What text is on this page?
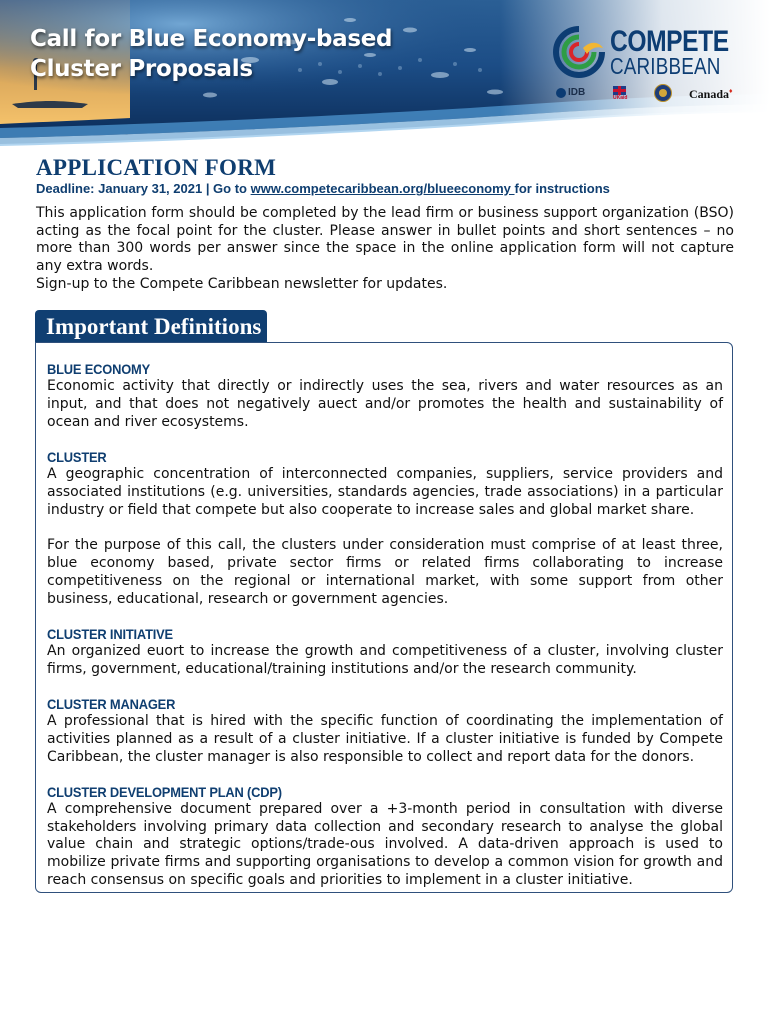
Call for Blue Economy-based
Cluster Proposals
COMPETE
CARIBBEAN
IDB	UKaid	Canada♦
APPLICATION FORM
Deadline: January 31, 2021 | Go to www.competecaribbean.org/blueeconomy for instructions

This application form should be completed by the lead firm or business support organization (BSO) acting as the focal point for the cluster. Please answer in bullet points and short sentences – no more than 300 words per answer since the space in the online application form will not capture any extra words.

Sign-up to the Compete Caribbean newsletter for updates.

Important Definitions
BLUE ECONOMY

Economic activity that directly or indirectly uses the sea, rivers and water resources as an input, and that does not negatively auect and/or promotes the health and sustainability of ocean and river ecosystems.

CLUSTER

A geographic concentration of interconnected companies, suppliers, service providers and associated institutions (e.g. universities, standards agencies, trade associations) in a particular industry or field that compete but also cooperate to increase sales and global market share.

For the purpose of this call, the clusters under consideration must comprise of at least three, blue economy based, private sector firms or related firms collaborating to increase competitiveness on the regional or international market, with some support from other business, educational, research or government agencies.

CLUSTER INITIATIVE

An organized euort to increase the growth and competitiveness of a cluster, involving cluster firms, government, educational/training institutions and/or the research community.

CLUSTER MANAGER

A professional that is hired with the specific function of coordinating the implementation of activities planned as a result of a cluster initiative. If a cluster initiative is funded by Compete Caribbean, the cluster manager is also responsible to collect and report data for the donors.

CLUSTER DEVELOPMENT PLAN (CDP)

A comprehensive document prepared over a +3-month period in consultation with diverse stakeholders involving primary data collection and secondary research to analyse the global value chain and strategic options/trade-ous involved. A data-driven approach is used to mobilize private firms and supporting organisations to develop a common vision for growth and reach consensus on specific goals and priorities to implement in a cluster initiative.
